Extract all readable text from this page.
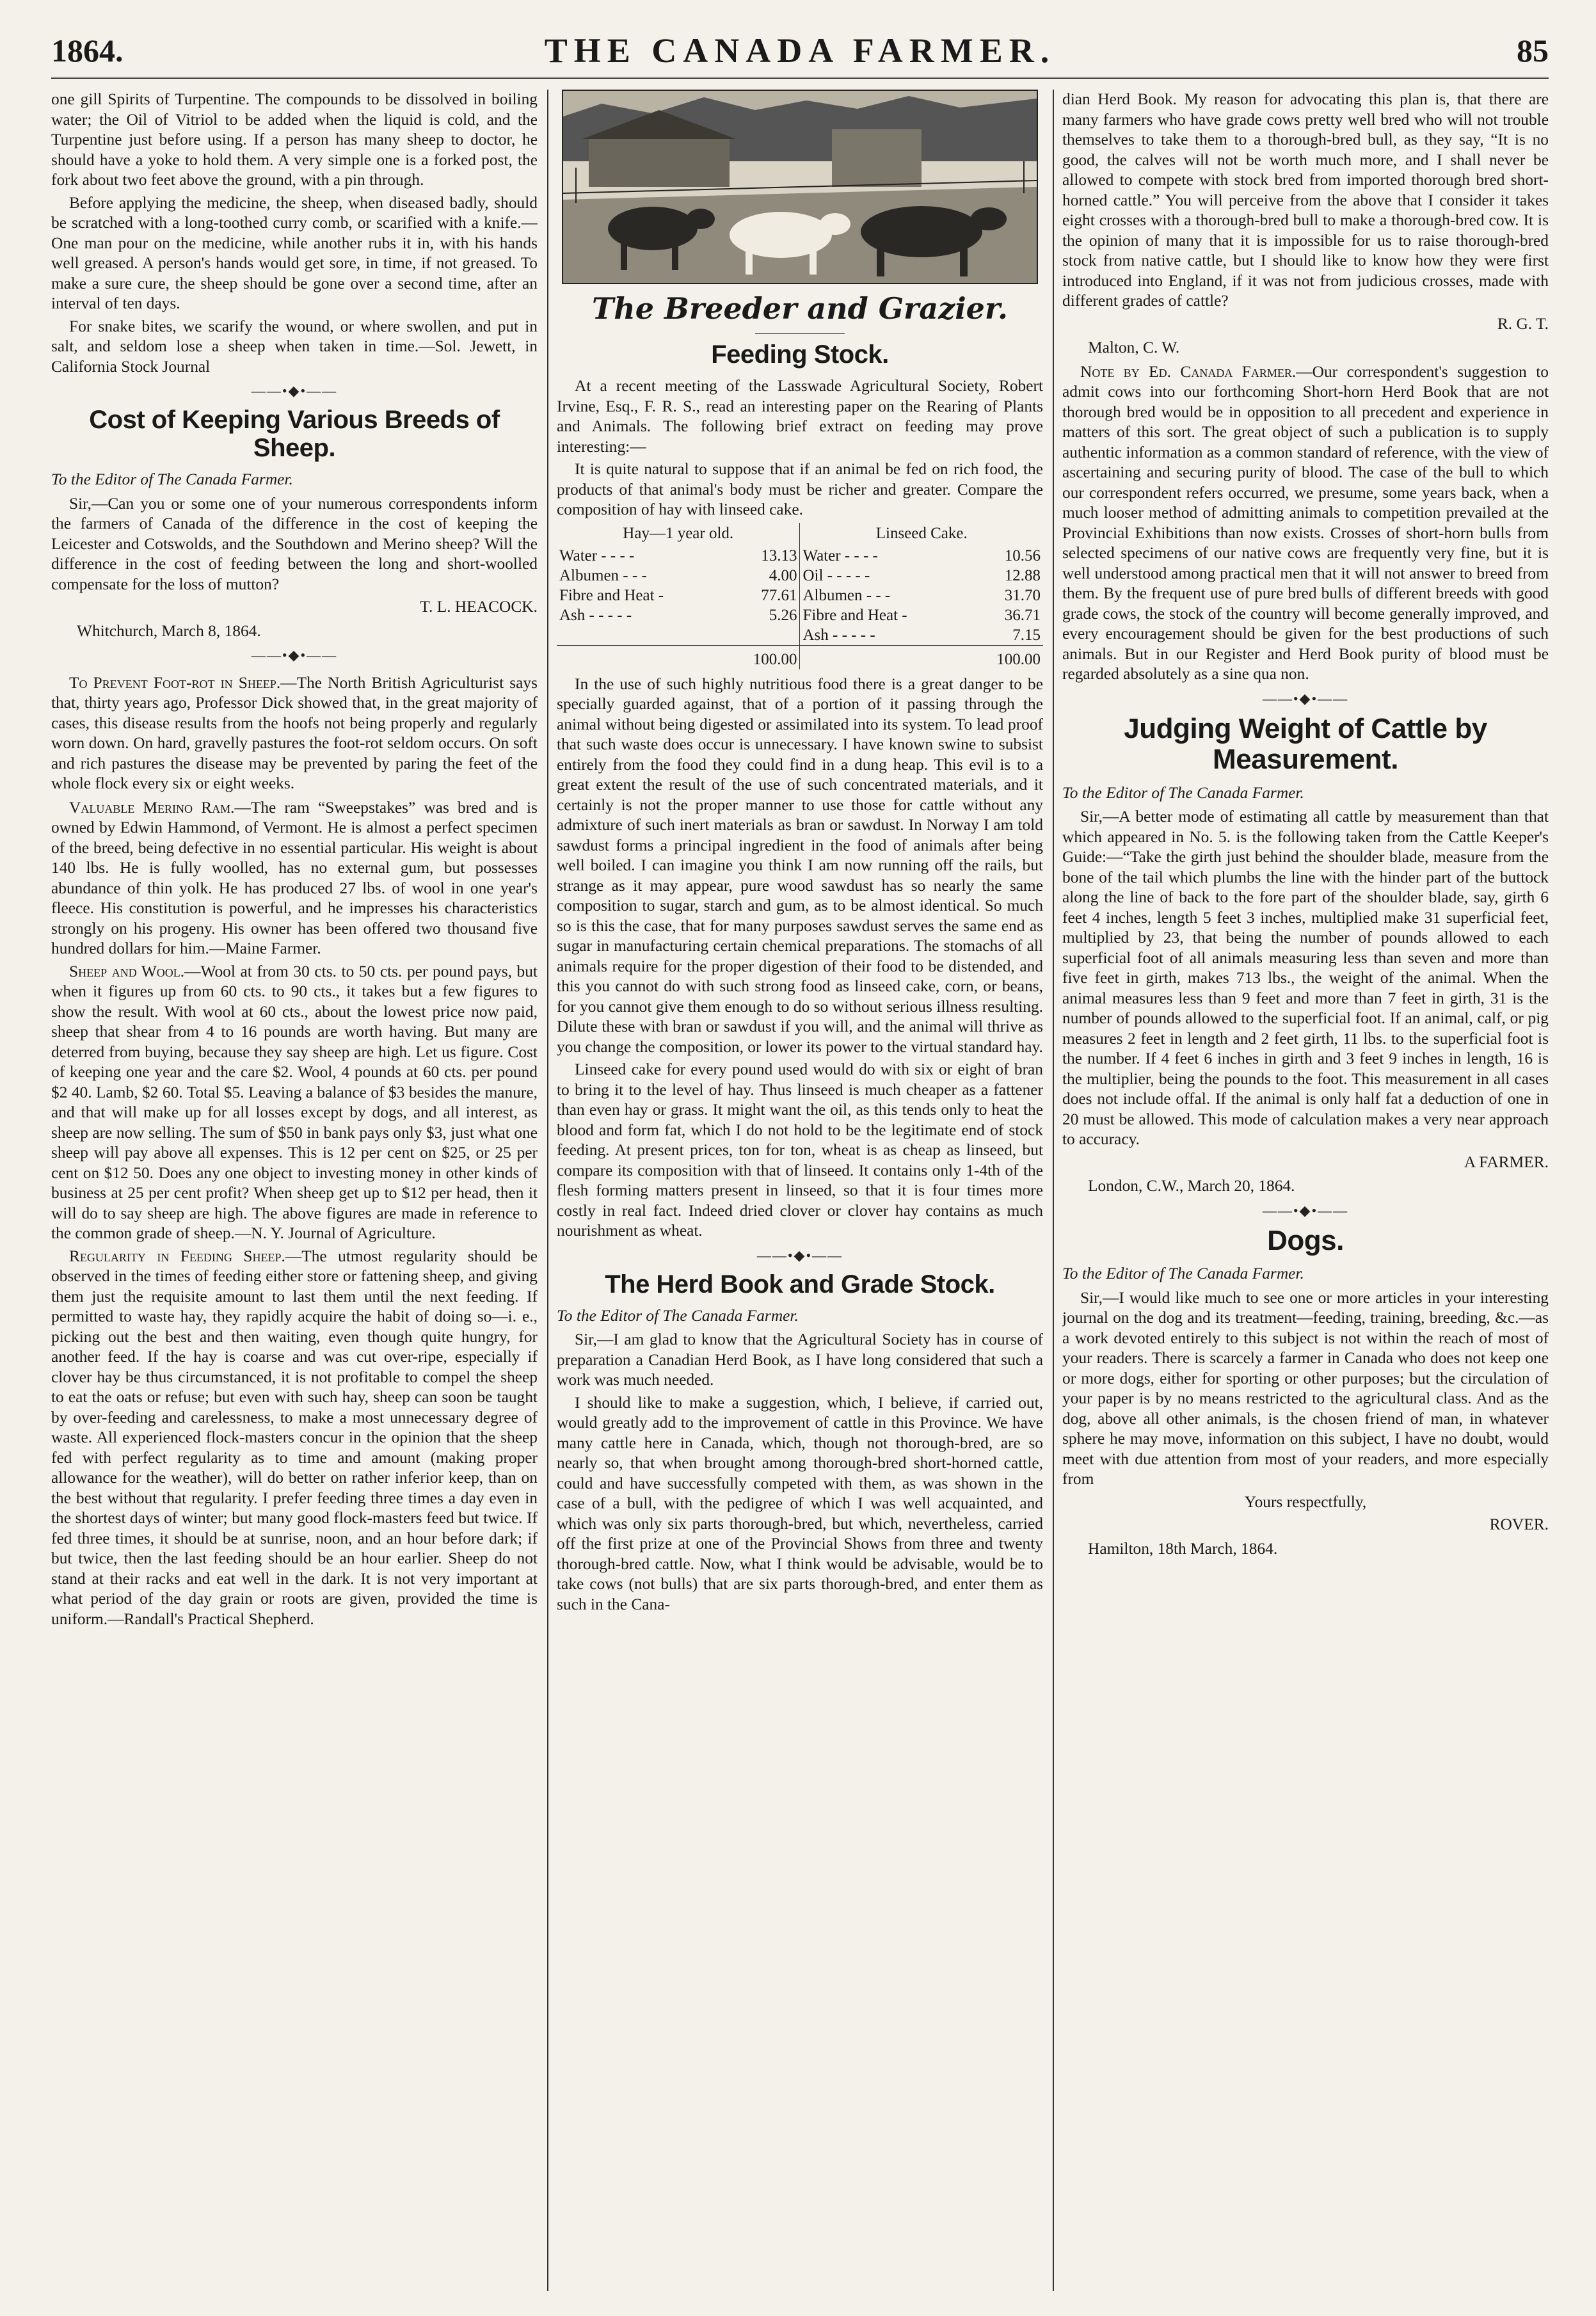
1864.	THE CANADA FARMER.	85

one gill Spirits of Turpentine. The compounds to be dissolved in boiling water; the Oil of Vitriol to be added when the liquid is cold, and the Turpentine just before using. If a person has many sheep to doctor, he should have a yoke to hold them. A very simple one is a forked post, the fork about two feet above the ground, with a pin through.

Before applying the medicine, the sheep, when diseased badly, should be scratched with a long-toothed curry comb, or scarified with a knife.—One man pour on the medicine, while another rubs it in, with his hands well greased. A person's hands would get sore, in time, if not greased. To make a sure cure, the sheep should be gone over a second time, after an interval of ten days.

For snake bites, we scarify the wound, or where swollen, and put in salt, and seldom lose a sheep when taken in time.—Sol. Jewett, in California Stock Journal

——•◆•——
Cost of Keeping Various Breeds of Sheep.

To the Editor of The Canada Farmer.

Sir,—Can you or some one of your numerous correspondents inform the farmers of Canada of the difference in the cost of keeping the Leicester and Cotswolds, and the Southdown and Merino sheep? Will the difference in the cost of feeding between the long and short-woolled compensate for the loss of mutton?

T. L. HEACOCK.

Whitchurch, March 8, 1864.

——•◆•——

To Prevent Foot-rot in Sheep.—The North British Agriculturist says that, thirty years ago, Professor Dick showed that, in the great majority of cases, this disease results from the hoofs not being properly and regularly worn down. On hard, gravelly pastures the foot-rot seldom occurs. On soft and rich pastures the disease may be prevented by paring the feet of the whole flock every six or eight weeks.

Valuable Merino Ram.—The ram “Sweepstakes” was bred and is owned by Edwin Hammond, of Vermont. He is almost a perfect specimen of the breed, being defective in no essential particular. His weight is about 140 lbs. He is fully woolled, has no external gum, but possesses abundance of thin yolk. He has produced 27 lbs. of wool in one year's fleece. His constitution is powerful, and he impresses his characteristics strongly on his progeny. His owner has been offered two thousand five hundred dollars for him.—Maine Farmer.

Sheep and Wool.—Wool at from 30 cts. to 50 cts. per pound pays, but when it figures up from 60 cts. to 90 cts., it takes but a few figures to show the result. With wool at 60 cts., about the lowest price now paid, sheep that shear from 4 to 16 pounds are worth having. But many are deterred from buying, because they say sheep are high. Let us figure. Cost of keeping one year and the care $2. Wool, 4 pounds at 60 cts. per pound $2 40. Lamb, $2 60. Total $5. Leaving a balance of $3 besides the manure, and that will make up for all losses except by dogs, and all interest, as sheep are now selling. The sum of $50 in bank pays only $3, just what one sheep will pay above all expenses. This is 12 per cent on $25, or 25 per cent on $12 50. Does any one object to investing money in other kinds of business at 25 per cent profit? When sheep get up to $12 per head, then it will do to say sheep are high. The above figures are made in reference to the common grade of sheep.—N. Y. Journal of Agriculture.

Regularity in Feeding Sheep.—The utmost regularity should be observed in the times of feeding either store or fattening sheep, and giving them just the requisite amount to last them until the next feeding. If permitted to waste hay, they rapidly acquire the habit of doing so—i. e., picking out the best and then waiting, even though quite hungry, for another feed. If the hay is coarse and was cut over-ripe, especially if clover hay be thus circumstanced, it is not profitable to compel the sheep to eat the oats or refuse; but even with such hay, sheep can soon be taught by over-feeding and carelessness, to make a most unnecessary degree of waste. All experienced flock-masters concur in the opinion that the sheep fed with perfect regularity as to time and amount (making proper allowance for the weather), will do better on rather inferior keep, than on the best without that regularity. I prefer feeding three times a day even in the shortest days of winter; but many good flock-masters feed but twice. If fed three times, it should be at sunrise, noon, and an hour before dark; if but twice, then the last feeding should be an hour earlier. Sheep do not stand at their racks and eat well in the dark. It is not very important at what period of the day grain or roots are given, provided the time is uniform.—Randall's Practical Shepherd.

The Breeder and Grazier.
Feeding Stock.

At a recent meeting of the Lasswade Agricultural Society, Robert Irvine, Esq., F. R. S., read an interesting paper on the Rearing of Plants and Animals. The following brief extract on feeding may prove interesting:—

It is quite natural to suppose that if an animal be fed on rich food, the products of that animal's body must be richer and greater. Compare the composition of hay with linseed cake.

Hay—1 year old.		Linseed Cake.	
Water - - - -	13.13	Water - - - -	10.56
Albumen - - -	4.00	Oil - - - - -	12.88
Fibre and Heat -	77.61	Albumen - - -	31.70
Ash - - - - -	5.26	Fibre and Heat -	36.71
		Ash - - - - -	7.15
	100.00		100.00

In the use of such highly nutritious food there is a great danger to be specially guarded against, that of a portion of it passing through the animal without being digested or assimilated into its system. To lead proof that such waste does occur is unnecessary. I have known swine to subsist entirely from the food they could find in a dung heap. This evil is to a great extent the result of the use of such concentrated materials, and it certainly is not the proper manner to use those for cattle without any admixture of such inert materials as bran or sawdust. In Norway I am told sawdust forms a principal ingredient in the food of animals after being well boiled. I can imagine you think I am now running off the rails, but strange as it may appear, pure wood sawdust has so nearly the same composition to sugar, starch and gum, as to be almost identical. So much so is this the case, that for many purposes sawdust serves the same end as sugar in manufacturing certain chemical preparations. The stomachs of all animals require for the proper digestion of their food to be distended, and this you cannot do with such strong food as linseed cake, corn, or beans, for you cannot give them enough to do so without serious illness resulting. Dilute these with bran or sawdust if you will, and the animal will thrive as you change the composition, or lower its power to the virtual standard hay.

Linseed cake for every pound used would do with six or eight of bran to bring it to the level of hay. Thus linseed is much cheaper as a fattener than even hay or grass. It might want the oil, as this tends only to heat the blood and form fat, which I do not hold to be the legitimate end of stock feeding. At present prices, ton for ton, wheat is as cheap as linseed, but compare its composition with that of linseed. It contains only 1-4th of the flesh forming matters present in linseed, so that it is four times more costly in real fact. Indeed dried clover or clover hay contains as much nourishment as wheat.

——•◆•——
The Herd Book and Grade Stock.

To the Editor of The Canada Farmer.

Sir,—I am glad to know that the Agricultural Society has in course of preparation a Canadian Herd Book, as I have long considered that such a work was much needed.

I should like to make a suggestion, which, I believe, if carried out, would greatly add to the improvement of cattle in this Province. We have many cattle here in Canada, which, though not thorough-bred, are so nearly so, that when brought among thorough-bred short-horned cattle, could and have successfully competed with them, as was shown in the case of a bull, with the pedigree of which I was well acquainted, and which was only six parts thorough-bred, but which, nevertheless, carried off the first prize at one of the Provincial Shows from three and twenty thorough-bred cattle. Now, what I think would be advisable, would be to take cows (not bulls) that are six parts thorough-bred, and enter them as such in the Cana-

dian Herd Book. My reason for advocating this plan is, that there are many farmers who have grade cows pretty well bred who will not trouble themselves to take them to a thorough-bred bull, as they say, “It is no good, the calves will not be worth much more, and I shall never be allowed to compete with stock bred from imported thorough bred short-horned cattle.” You will perceive from the above that I consider it takes eight crosses with a thorough-bred bull to make a thorough-bred cow. It is the opinion of many that it is impossible for us to raise thorough-bred stock from native cattle, but I should like to know how they were first introduced into England, if it was not from judicious crosses, made with different grades of cattle?

R. G. T.

Malton, C. W.

Note by Ed. Canada Farmer.—Our correspondent's suggestion to admit cows into our forthcoming Short-horn Herd Book that are not thorough bred would be in opposition to all precedent and experience in matters of this sort. The great object of such a publication is to supply authentic information as a common standard of reference, with the view of ascertaining and securing purity of blood. The case of the bull to which our correspondent refers occurred, we presume, some years back, when a much looser method of admitting animals to competition prevailed at the Provincial Exhibitions than now exists. Crosses of short-horn bulls from selected specimens of our native cows are frequently very fine, but it is well understood among practical men that it will not answer to breed from them. By the frequent use of pure bred bulls of different breeds with good grade cows, the stock of the country will become generally improved, and every encouragement should be given for the best productions of such animals. But in our Register and Herd Book purity of blood must be regarded absolutely as a sine qua non.

——•◆•——
Judging Weight of Cattle by Measurement.

To the Editor of The Canada Farmer.

Sir,—A better mode of estimating all cattle by measurement than that which appeared in No. 5. is the following taken from the Cattle Keeper's Guide:—“Take the girth just behind the shoulder blade, measure from the bone of the tail which plumbs the line with the hinder part of the buttock along the line of back to the fore part of the shoulder blade, say, girth 6 feet 4 inches, length 5 feet 3 inches, multiplied make 31 superficial feet, multiplied by 23, that being the number of pounds allowed to each superficial foot of all animals measuring less than seven and more than five feet in girth, makes 713 lbs., the weight of the animal. When the animal measures less than 9 feet and more than 7 feet in girth, 31 is the number of pounds allowed to the superficial foot. If an animal, calf, or pig measures 2 feet in length and 2 feet girth, 11 lbs. to the superficial foot is the number. If 4 feet 6 inches in girth and 3 feet 9 inches in length, 16 is the multiplier, being the pounds to the foot. This measurement in all cases does not include offal. If the animal is only half fat a deduction of one in 20 must be allowed. This mode of calculation makes a very near approach to accuracy.

A FARMER.

London, C.W., March 20, 1864.

——•◆•——
Dogs.

To the Editor of The Canada Farmer.

Sir,—I would like much to see one or more articles in your interesting journal on the dog and its treatment—feeding, training, breeding, &c.—as a work devoted entirely to this subject is not within the reach of most of your readers. There is scarcely a farmer in Canada who does not keep one or more dogs, either for sporting or other purposes; but the circulation of your paper is by no means restricted to the agricultural class. And as the dog, above all other animals, is the chosen friend of man, in whatever sphere he may move, information on this subject, I have no doubt, would meet with due attention from most of your readers, and more especially from

Yours respectfully,

ROVER.

Hamilton, 18th March, 1864.
